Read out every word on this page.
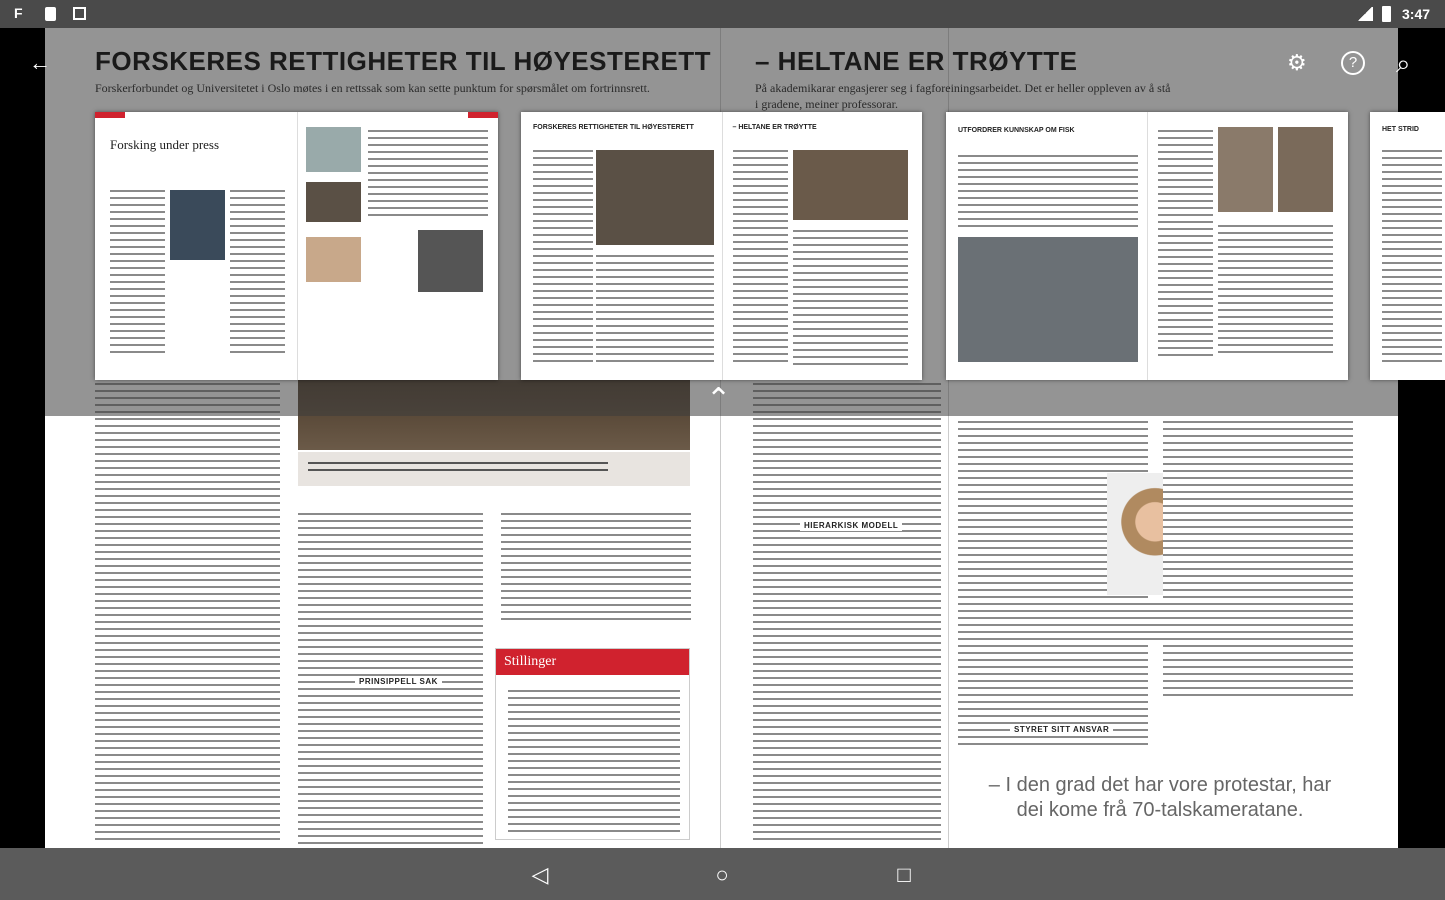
F	3:47
PRINSIPPELL SAK
Stillinger
HIERARKISK MODELL
STYRET SITT ANSVAR
– I den grad det har vore protestar, har dei kome frå 70-talskameratane.
FORSKERES RETTIGHETER TIL HØYESTERETT
Forskerforbundet og Universitetet i Oslo møtes i en rettssak som kan sette punktum for spørsmålet om fortrinnsrett.
– HELTANE ER TRØYTTE
På akademikarar engasjerer seg i fagforeiningsarbeidet. Det er heller oppleven av å stå i gradene, meiner professorar.
←	⚙	?	⌕
Forsking under press
FORSKERES RETTIGHETER TIL HØYESTERETT	– HELTANE ER TRØYTTE	UTFORDRER KUNNSKAP OM FISK	HET STRID
⌃
◁	○	□
